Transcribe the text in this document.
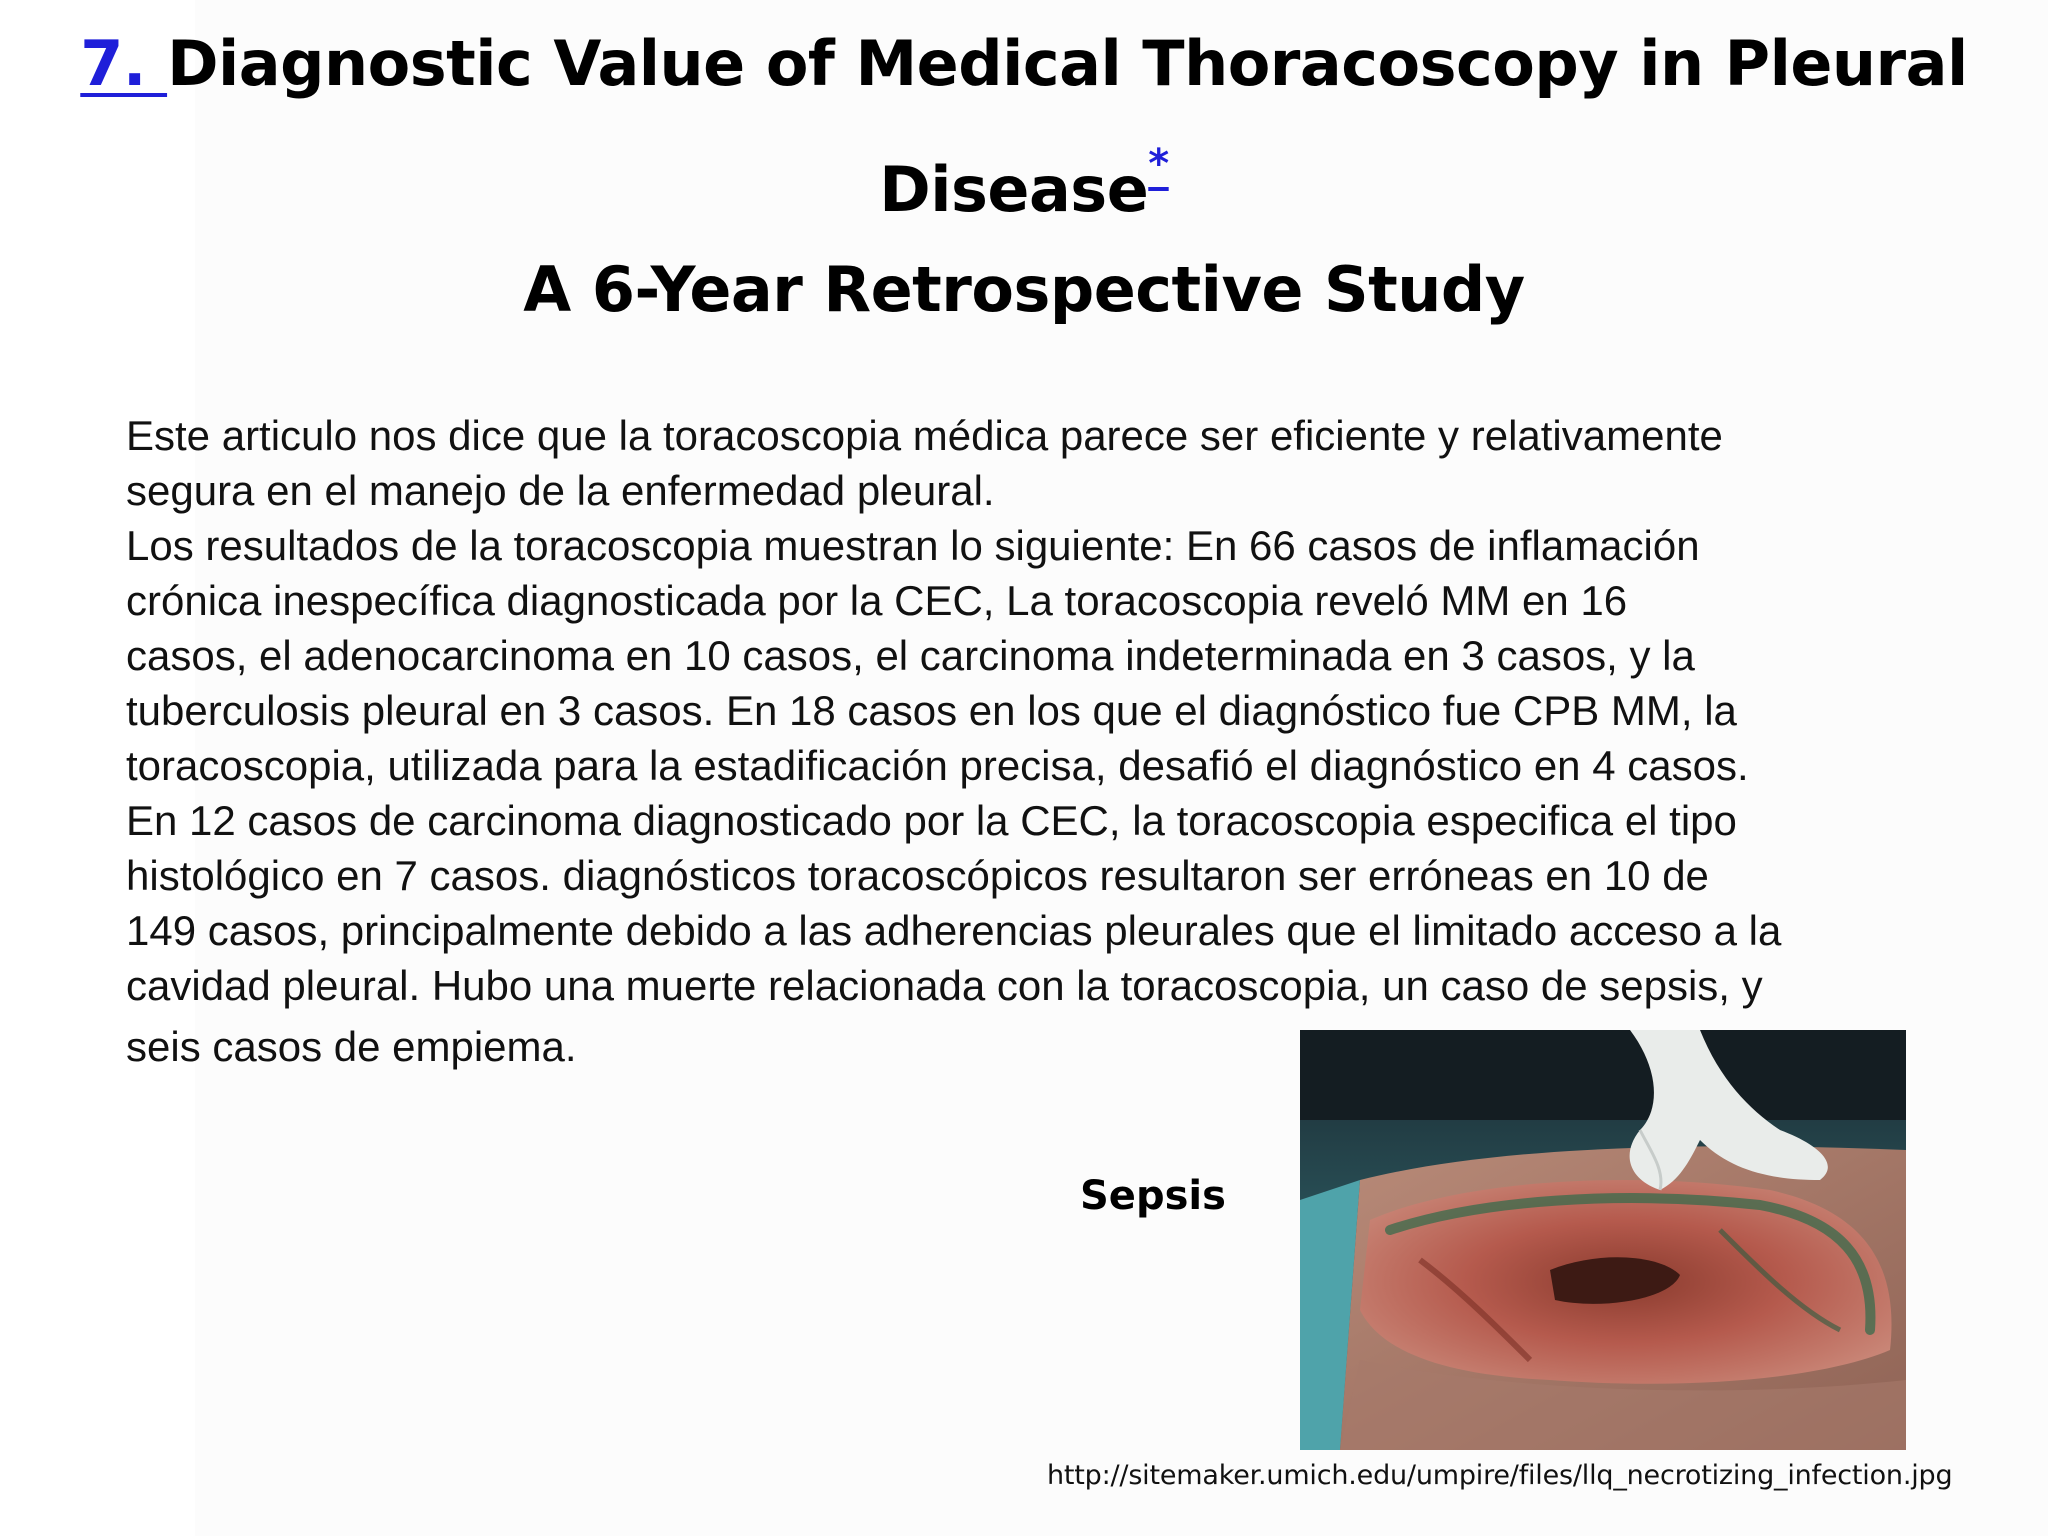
7. Diagnostic Value of Medical Thoracoscopy in Pleural
Disease*
A 6-Year Retrospective Study
Este articulo nos dice que la toracoscopia médica parece ser eficiente y relativamente
segura en el manejo de la enfermedad pleural.
Los resultados de la toracoscopia muestran lo siguiente: En 66 casos de inflamación
crónica inespecífica diagnosticada por la CEC, La toracoscopia reveló MM en 16
casos, el adenocarcinoma en 10 casos, el carcinoma indeterminada en 3 casos, y la
tuberculosis pleural en 3 casos. En 18 casos en los que el diagnóstico fue CPB MM, la
toracoscopia, utilizada para la estadificación precisa, desafió el diagnóstico en 4 casos.
En 12 casos de carcinoma diagnosticado por la CEC, la toracoscopia especifica el tipo
histológico en 7 casos. diagnósticos toracoscópicos resultaron ser erróneas en 10 de
149 casos, principalmente debido a las adherencias pleurales que el limitado acceso a la
cavidad pleural. Hubo una muerte relacionada con la toracoscopia, un caso de sepsis, y
seis casos de empiema.
Sepsis
http://sitemaker.umich.edu/umpire/files/llq_necrotizing_infection.jpg
